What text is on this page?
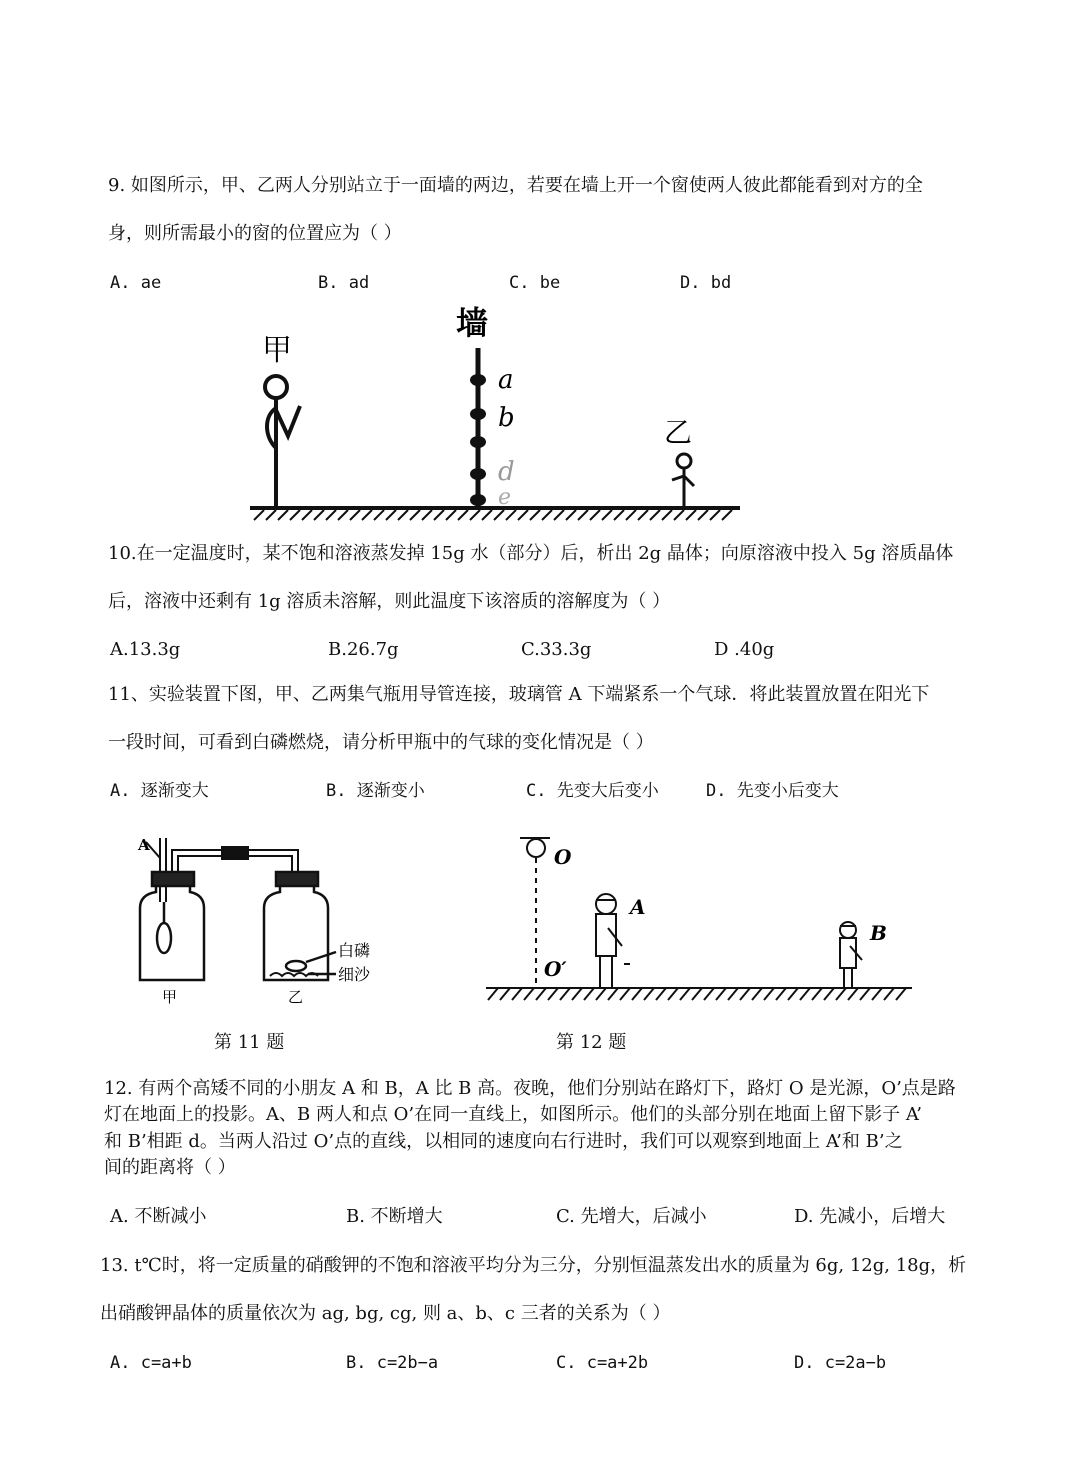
9. 如图所示，甲、乙两人分别站立于一面墙的两边，若要在墙上开一个窗使两人彼此都能看到对方的全
身，则所需最小的窗的位置应为（ ）
A. ae	B. ad	C. be	D. bd
墙
a
b
d
e
甲
乙
10.在一定温度时，某不饱和溶液蒸发掉 15g 水（部分）后，析出 2g 晶体；向原溶液中投入 5g 溶质晶体
后，溶液中还剩有 1g 溶质未溶解，则此温度下该溶质的溶解度为（ ）
A.13.3g	B.26.7g	C.33.3g	D .40g
11、实验装置下图，甲、乙两集气瓶用导管连接，玻璃管 A 下端紧系一个气球．将此装置放置在阳光下
一段时间，可看到白磷燃烧，请分析甲瓶中的气球的变化情况是（ ）
A. 逐渐变大	B. 逐渐变小	C. 先变大后变小	D. 先变小后变大
A
甲	乙
白磷
细沙
O
O′
A
B
第 11 题	第 12 题
12. 有两个高矮不同的小朋友 A 和 B，A 比 B 高。夜晚，他们分别站在路灯下，路灯 O 是光源，O’点是路
灯在地面上的投影。A、B 两人和点 O’在同一直线上，如图所示。他们的头部分别在地面上留下影子 A’
和 B’相距 d。当两人沿过 O’点的直线，以相同的速度向右行进时，我们可以观察到地面上 A’和 B’之
间的距离将（ ）
A. 不断减小	B. 不断增大	C. 先增大，后减小	D. 先减小，后增大
13. t℃时，将一定质量的硝酸钾的不饱和溶液平均分为三分，分别恒温蒸发出水的质量为 6g, 12g, 18g，析
出硝酸钾晶体的质量依次为 ag, bg, cg, 则 a、b、c 三者的关系为（ ）
A. c=a+b	B. c=2b−a	C. c=a+2b	D. c=2a−b
